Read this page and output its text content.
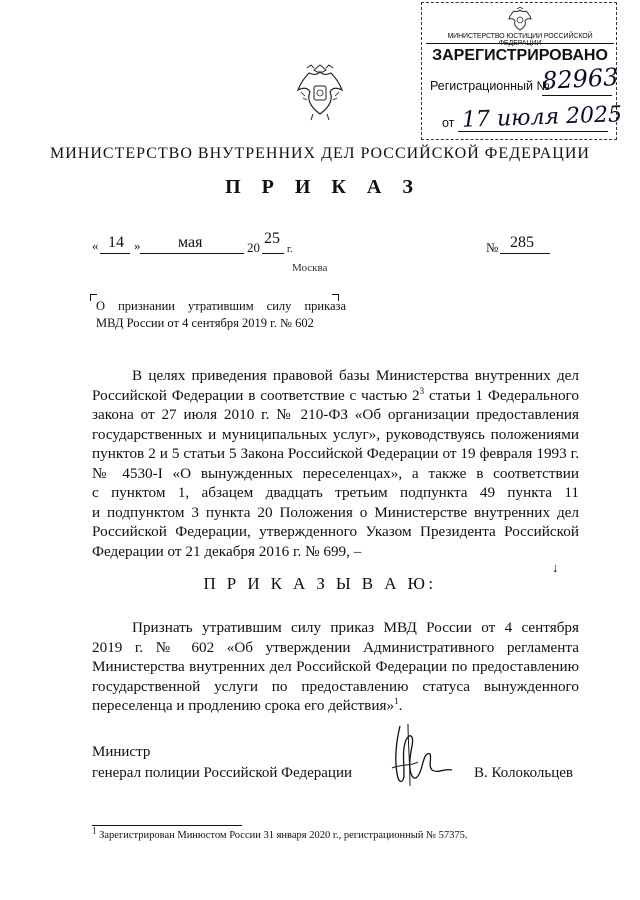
МИНИСТЕРСТВО ЮСТИЦИИ РОССИЙСКОЙ ФЕДЕРАЦИИ
ЗАРЕГИСТРИРОВАНО
Регистрационный №
82963
от 17 июля 2025
МИНИСТЕРСТВО ВНУТРЕННИХ ДЕЛ РОССИЙСКОЙ ФЕДЕРАЦИИ
П Р И К А З
« 14 » мая	20
25
г.	№ 285
Москва
О признании утратившим силу приказа
МВД России от 4 сентября 2019 г. № 602
В целях приведения правовой базы Министерства внутренних дел
Российской Федерации в соответствие с частью $2^3$ статьи 1 Федерального
закона от 27 июля 2010 г. № 210-ФЗ «Об организации предоставления
государственных и муниципальных услуг», руководствуясь положениями
пунктов 2 и 5 статьи 5 Закона Российской Федерации от 19 февраля 1993 г.
№ 4530-I «О вынужденных переселенцах», а также в соответствии
с пунктом 1, абзацем двадцать третьим подпункта 49 пункта 11
и подпунктом 3 пункта 20 Положения о Министерстве внутренних дел
Российской Федерации, утвержденного Указом Президента Российской
Федерации от 21 декабря 2016 г. № 699, –
П Р И К А З Ы В А Ю:
↓
Признать утратившим силу приказ МВД России от 4 сентября
2019 г. № 602 «Об утверждении Административного регламента
Министерства внутренних дел Российской Федерации по предоставлению
государственной услуги по предоставлению статуса вынужденного
переселенца и продлению срока его действия»$^1$.
Министр
генерал полиции Российской Федерации	В. Колокольцев
$^1$ Зарегистрирован Минюстом России 31 января 2020 г., регистрационный № 57375.
